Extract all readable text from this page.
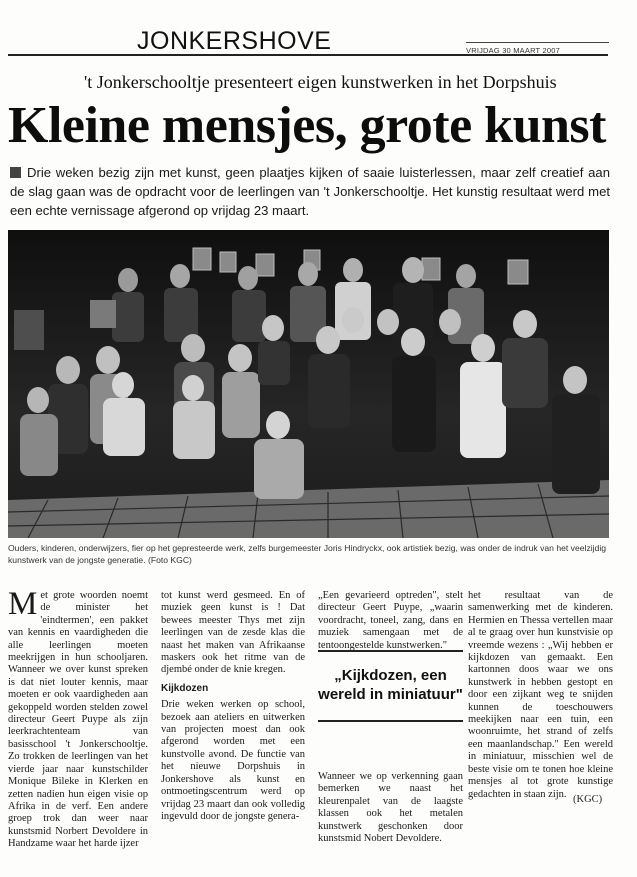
JONKERSHOVE	VRIJDAG 30 MAART 2007
't Jonkerschooltje presenteert eigen kunstwerken in het Dorpshuis
Kleine mensjes, grote kunst
Drie weken bezig zijn met kunst, geen plaatjes kijken of saaie luisterlessen, maar zelf creatief aan de slag gaan was de opdracht voor de leerlingen van 't Jonkerschooltje. Het kunstig resultaat werd met een echte vernissage afgerond op vrijdag 23 maart.
Ouders, kinderen, onderwijzers, fier op het gepresteerde werk, zelfs burgemeester Joris Hindryckx, ook artistiek bezig, was onder de indruk van het veelzijdig kunstwerk van de jongste generatie. (Foto KGC)
M et grote woorden noemt de minister het 'eindtermen', een pakket van kennis en vaardigheden die alle leerlingen moeten meekrijgen in hun schooljaren. Wanneer we over kunst spreken is dat niet louter kennis, maar moeten er ook vaardigheden aan gekoppeld worden stelden zowel directeur Geert Puype als zijn leerkrachtenteam van basisschool 't Jonkerschooltje. Zo trokken de leerlingen van het vierde jaar naar kunstschilder Monique Bileke in Klerken en zetten nadien hun eigen visie op Afrika in de verf. Een andere groep trok dan weer naar kunstsmid Norbert Devoldere in Handzame waar het harde ijzer

tot kunst werd gesmeed. En of muziek geen kunst is ! Dat bewees meester Thys met zijn leerlingen van de zesde klas die naast het maken van Afrikaanse maskers ook het ritme van de djembé onder de knie kregen.

Kijkdozen

Drie weken werken op school, bezoek aan ateliers en uitwerken van projecten moest dan ook afgerond worden met een kunstvolle avond. De functie van het nieuwe Dorpshuis in Jonkershove als kunst en ontmoetingscentrum werd op vrijdag 23 maart dan ook volledig ingevuld door de jongste genera-

„Een gevarieerd optreden", stelt directeur Geert Puype, „waarin voordracht, toneel, zang, dans en muziek samengaan met de tentoongestelde kunstwerken."

„Kijkdozen, een wereld in miniatuur"

Wanneer we op verkenning gaan bemerken we naast het kleurenpalet van de laagste klassen ook het metalen kunstwerk geschonken door kunstsmid Nobert Devoldere.

het resultaat van de samenwerking met de kinderen. Hermien en Thessa vertellen maar al te graag over hun kunstvisie op vreemde wezens : „Wij hebben er kijkdozen van gemaakt. Een kartonnen doos waar we ons kunstwerk in hebben gestopt en door een zijkant weg te snijden kunnen de toeschouwers meekijken naar een tuin, een woonruimte, het strand of zelfs een maanlandschap." Een wereld in miniatuur, misschien wel de beste visie om te tonen hoe kleine mensjes al tot grote kunstige gedachten in staan zijn. (KGC)
